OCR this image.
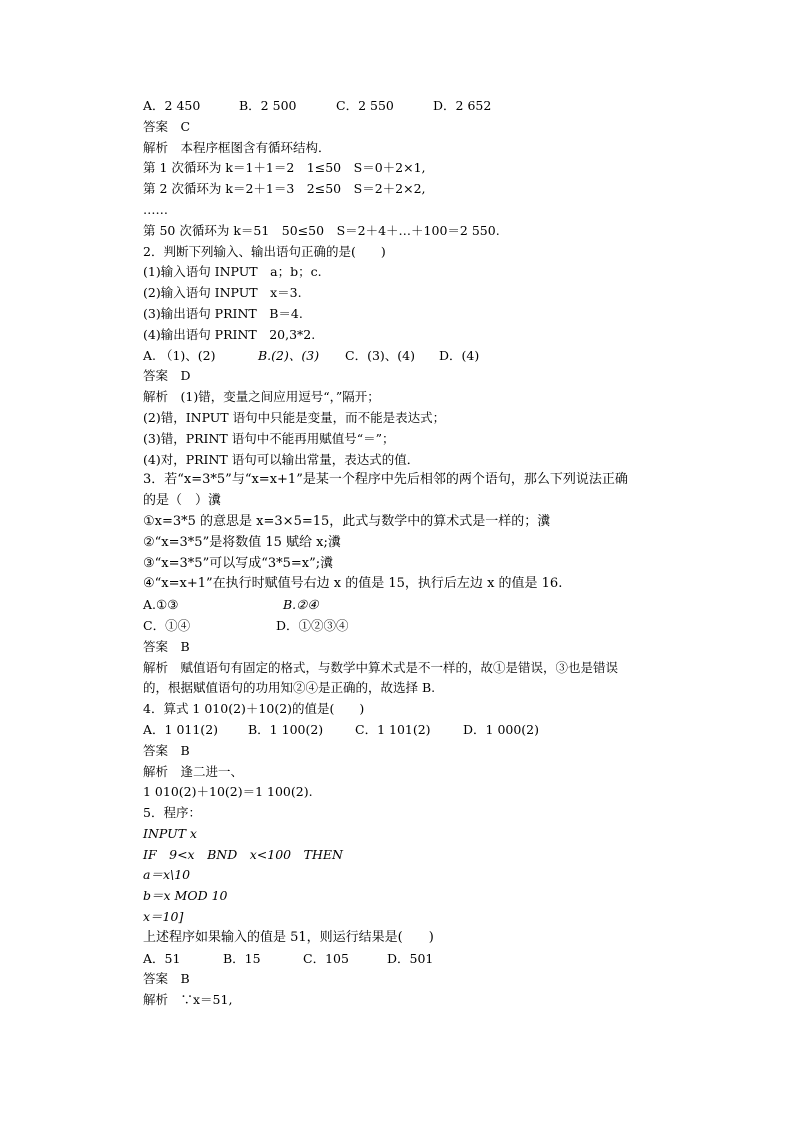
A．2 450	B．2 500	C．2 550	D．2 652
答案　C
解析　本程序框图含有循环结构．
第 1 次循环为 k＝1＋1＝2　1≤50　S＝0＋2×1,
第 2 次循环为 k＝2＋1＝3　2≤50　S＝2＋2×2,
……
第 50 次循环为 k＝51　50≤50　S＝2＋4＋…＋100＝2 550.
2．判断下列输入、输出语句正确的是(　　)
(1)输入语句 INPUT　a；b；c.
(2)输入语句 INPUT　x＝3.
(3)输出语句 PRINT　B＝4.
(4)输出语句 PRINT　20,3*2.
A. （1)、(2)	B.(2)、(3) C．(3)、(4) D．(4)
答案　D
解析　(1)错，变量之间应用逗号“，”隔开；
(2)错，INPUT 语句中只能是变量，而不能是表达式；
(3)错，PRINT 语句中不能再用赋值号“＝”；
(4)对，PRINT 语句可以输出常量，表达式的值．
3．若“x=3*5”与“x=x+1”是某一个程序中先后相邻的两个语句，那么下列说法正确
的是（　）瀵
①x=3*5 的意思是 x=3×5=15，此式与数学中的算术式是一样的；瀵
②“x=3*5”是将数值 15 赋给 x;瀵
③“x=3*5”可以写成“3*5=x”;瀵
④“x=x+1”在执行时赋值号右边 x 的值是 15，执行后左边 x 的值是 16.
A.①③	B.②④
C．①④	D．①②③④
答案　B
解析　赋值语句有固定的格式，与数学中算术式是不一样的，故①是错误，③也是错误
的，根据赋值语句的功用知②④是正确的，故选择 B.
4．算式 1 010(2)＋10(2)的值是(　　)
A．1 011(2) B．1 100(2)	C．1 101(2)	D．1 000(2)
答案　B
解析　逢二进一、
1 010(2)＋10(2)＝1 100(2).
5．程序：
INPUT x
IF　9<x　BND　x<100　THEN
a＝x\10
b＝x MOD 10
x＝10]
上述程序如果输入的值是 51，则运行结果是(　　)
A．51	B．15	C．105	D．501
答案　B
解析　∵x＝51,
